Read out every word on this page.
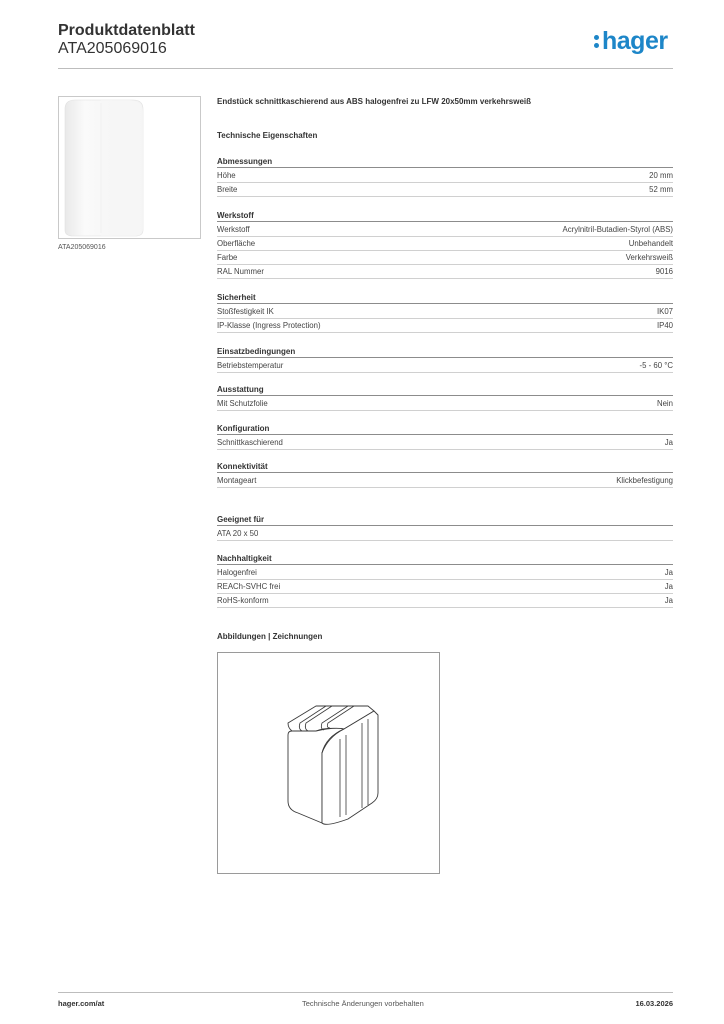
Produktdatenblatt
ATA205069016	hager
ATA205069016
Endstück schnittkaschierend aus ABS halogenfrei zu LFW 20x50mm verkehrsweiß
Technische Eigenschaften
Abmessungen
Höhe	20 mm
Breite	52 mm
Werkstoff
Werkstoff	Acrylnitril-Butadien-Styrol (ABS)
Oberfläche	Unbehandelt
Farbe	Verkehrsweiß
RAL Nummer	9016
Sicherheit
Stoßfestigkeit IK	IK07
IP-Klasse (Ingress Protection)	IP40
Einsatzbedingungen
Betriebstemperatur	-5 - 60 °C
Ausstattung
Mit Schutzfolie	Nein
Konfiguration
Schnittkaschierend	Ja
Konnektivität
Montageart	Klickbefestigung
Geeignet für
ATA 20 x 50
Nachhaltigkeit
Halogenfrei	Ja
REACh-SVHC frei	Ja
RoHS-konform	Ja
Abbildungen | Zeichnungen
hager.com/at	Technische Änderungen vorbehalten	16.03.2026
